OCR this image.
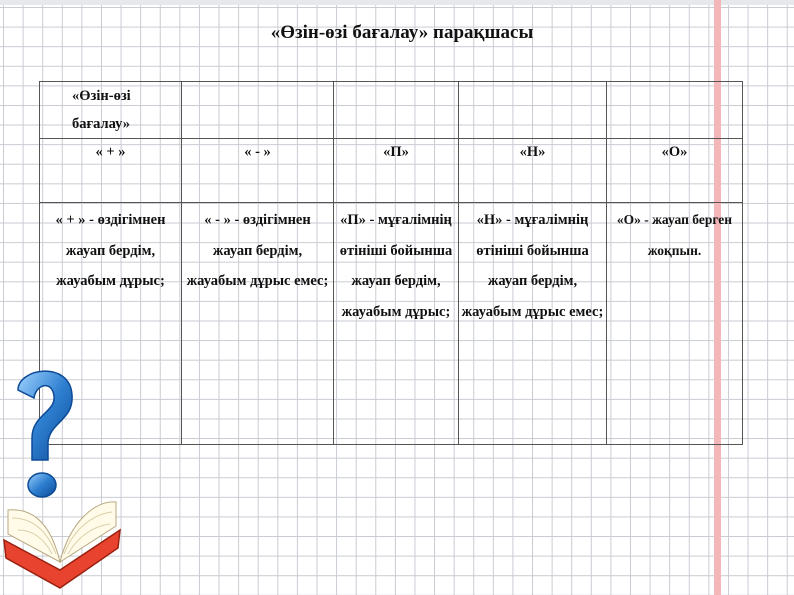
«Өзін-өзі бағалау» парақшасы
«Өзін-өзі бағалау»				
« + »	« - »	«П»	«Н»	«О»
« + » - өздігімнен жауап бердім, жауабым дұрыс;	« - » - өздігімнен жауап бердім, жауабым дұрыс емес;	«П» - мұғалімнің өтініші бойынша жауап бердім, жауабым дұрыс;	«Н» - мұғалімнің өтініші бойынша жауап бердім, жауабым дұрыс емес;	«О» - жауап берген жоқпын.
